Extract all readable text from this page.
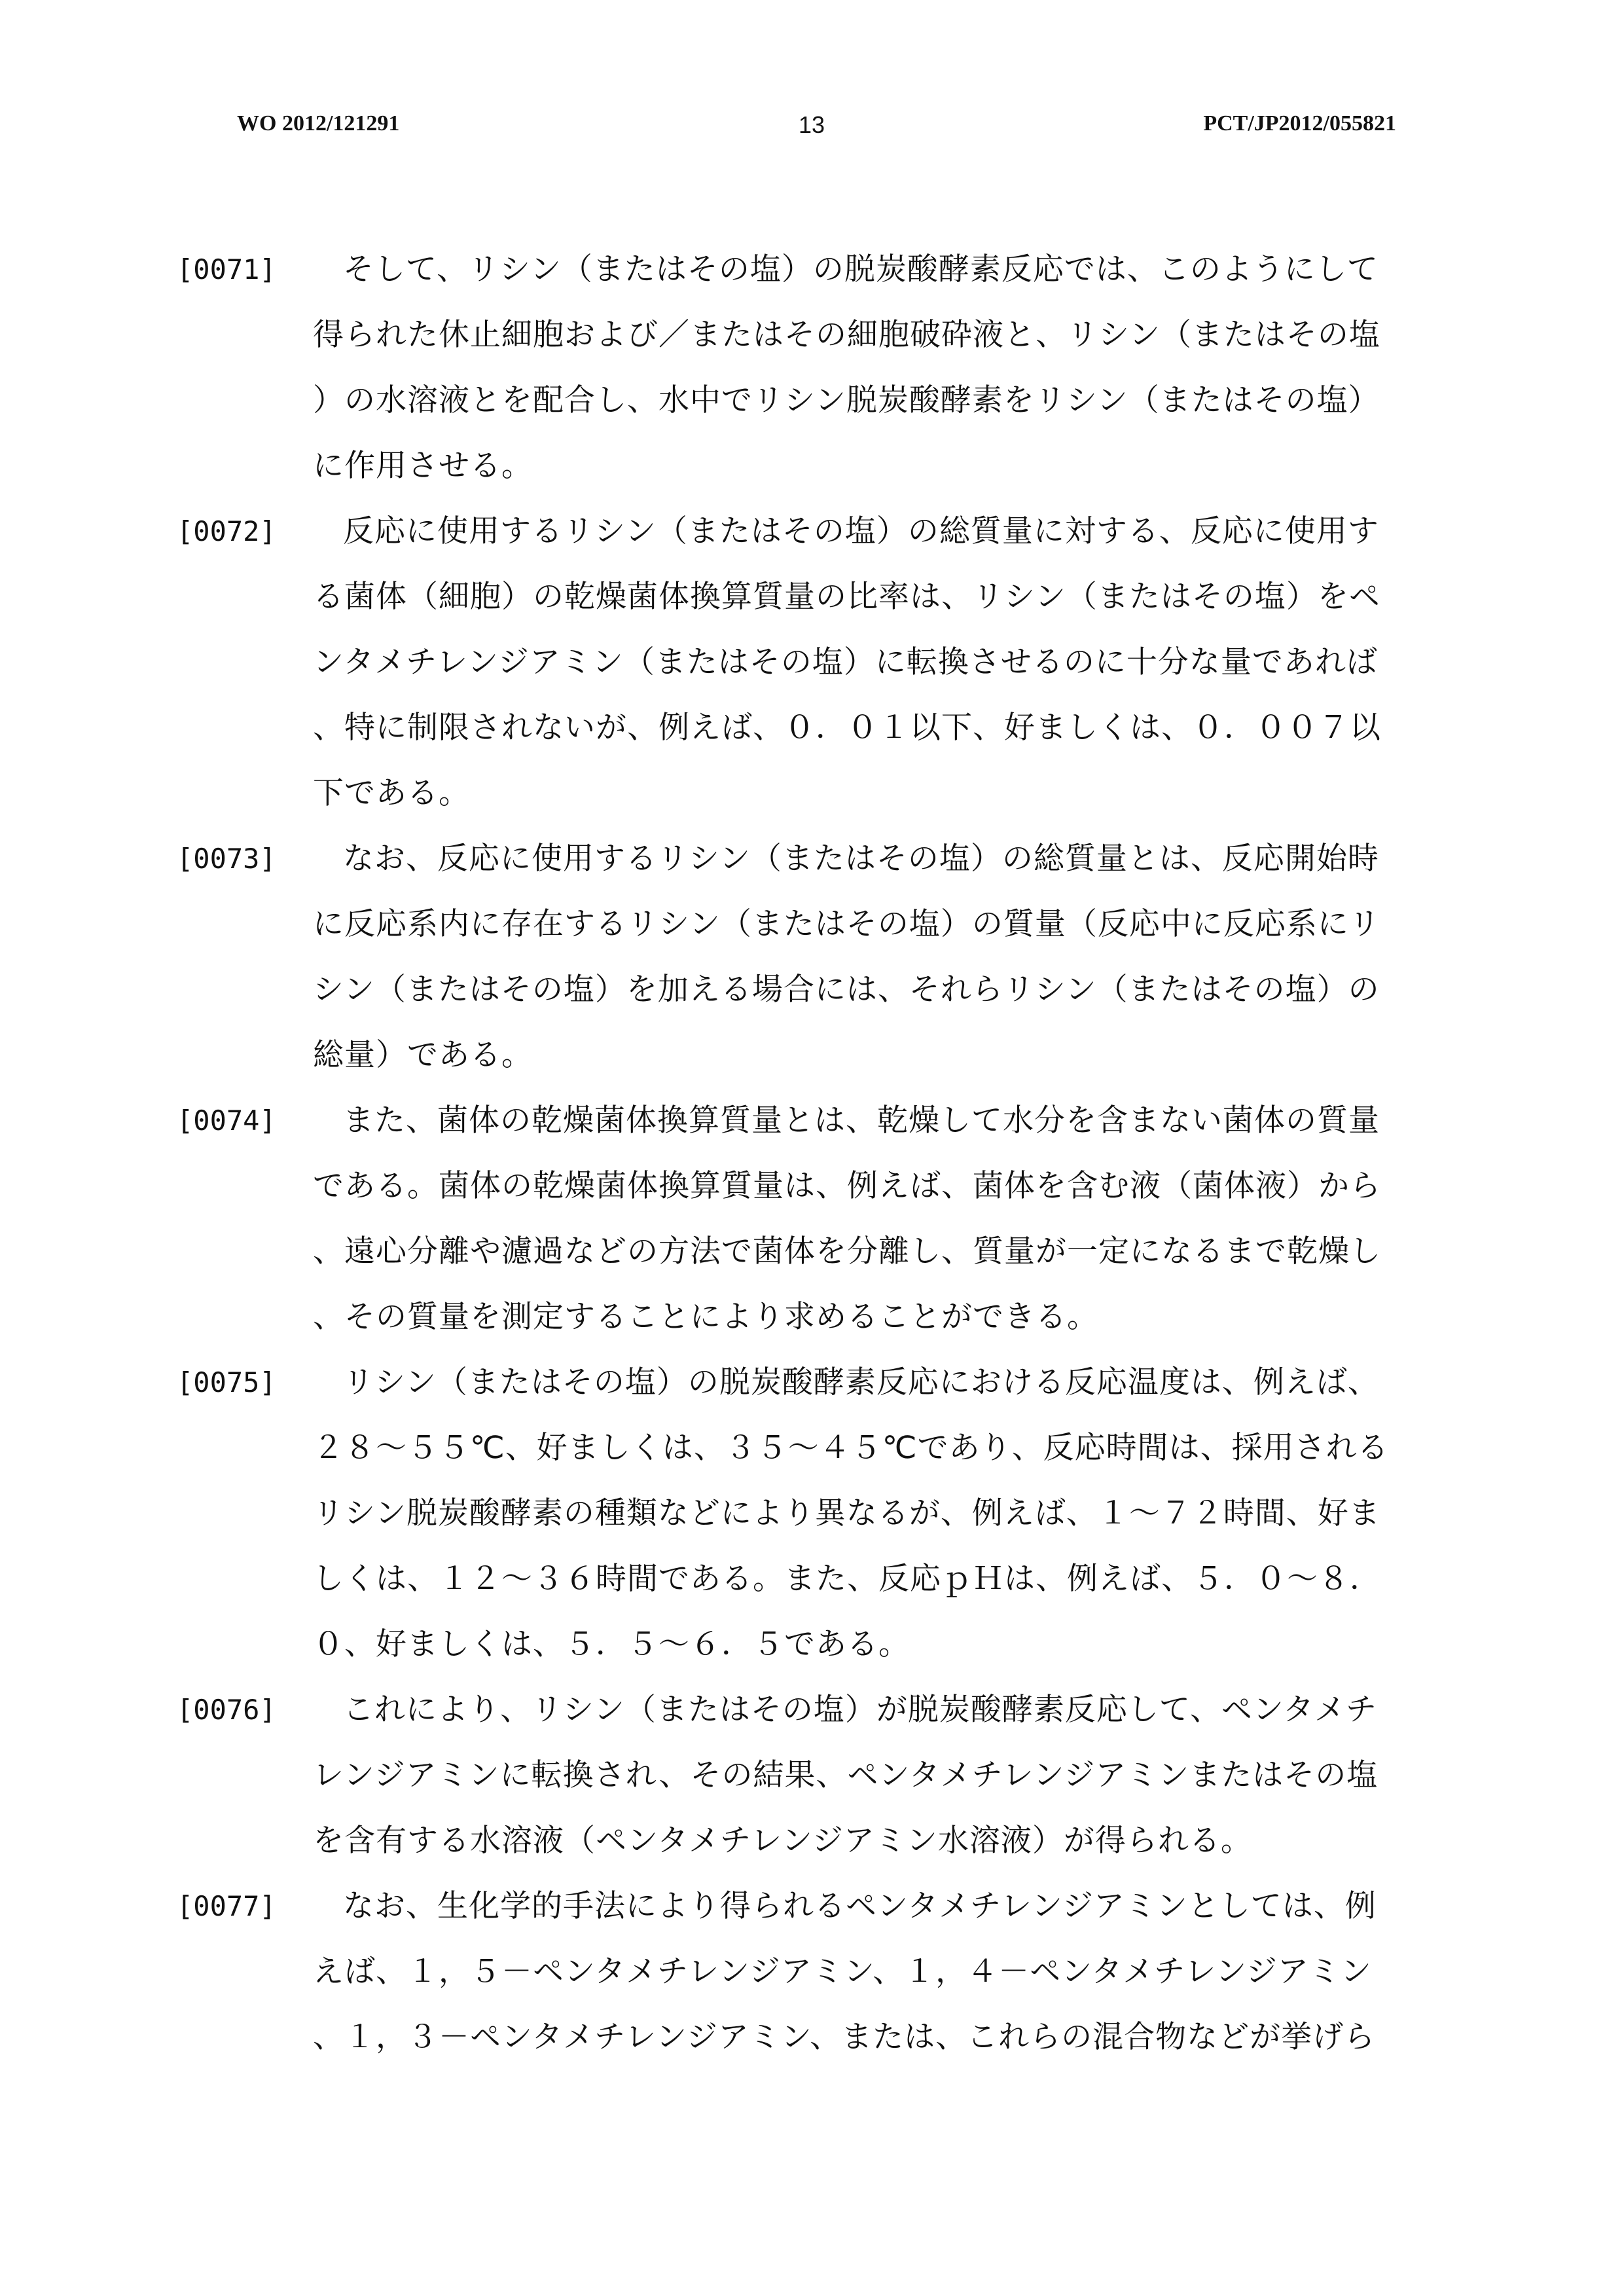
WO 2012/121291	13	PCT/JP2012/055821
[0071]	そして、リシン（またはその塩）の脱炭酸酵素反応では、このようにして
得られた休止細胞および／またはその細胞破砕液と、リシン（またはその塩
）の水溶液とを配合し、水中でリシン脱炭酸酵素をリシン（またはその塩）
に作用させる。
[0072]	反応に使用するリシン（またはその塩）の総質量に対する、反応に使用す
る菌体（細胞）の乾燥菌体換算質量の比率は、リシン（またはその塩）をペ
ンタメチレンジアミン（またはその塩）に転換させるのに十分な量であれば
、特に制限されないが、例えば、０．０１以下、好ましくは、０．００７以
下である。
[0073]	なお、反応に使用するリシン（またはその塩）の総質量とは、反応開始時
に反応系内に存在するリシン（またはその塩）の質量（反応中に反応系にリ
シン（またはその塩）を加える場合には、それらリシン（またはその塩）の
総量）である。
[0074]	また、菌体の乾燥菌体換算質量とは、乾燥して水分を含まない菌体の質量
である。菌体の乾燥菌体換算質量は、例えば、菌体を含む液（菌体液）から
、遠心分離や濾過などの方法で菌体を分離し、質量が一定になるまで乾燥し
、その質量を測定することにより求めることができる。
[0075]	リシン（またはその塩）の脱炭酸酵素反応における反応温度は、例えば、
２８～５５℃、好ましくは、３５～４５℃であり、反応時間は、採用される
リシン脱炭酸酵素の種類などにより異なるが、例えば、１～７２時間、好ま
しくは、１２～３６時間である。また、反応ｐＨは、例えば、５．０～８．
０、好ましくは、５．５～６．５である。
[0076]	これにより、リシン（またはその塩）が脱炭酸酵素反応して、ペンタメチ
レンジアミンに転換され、その結果、ペンタメチレンジアミンまたはその塩
を含有する水溶液（ペンタメチレンジアミン水溶液）が得られる。
[0077]	なお、生化学的手法により得られるペンタメチレンジアミンとしては、例
えば、１，５－ペンタメチレンジアミン、１，４－ペンタメチレンジアミン
、１，３－ペンタメチレンジアミン、または、これらの混合物などが挙げら
